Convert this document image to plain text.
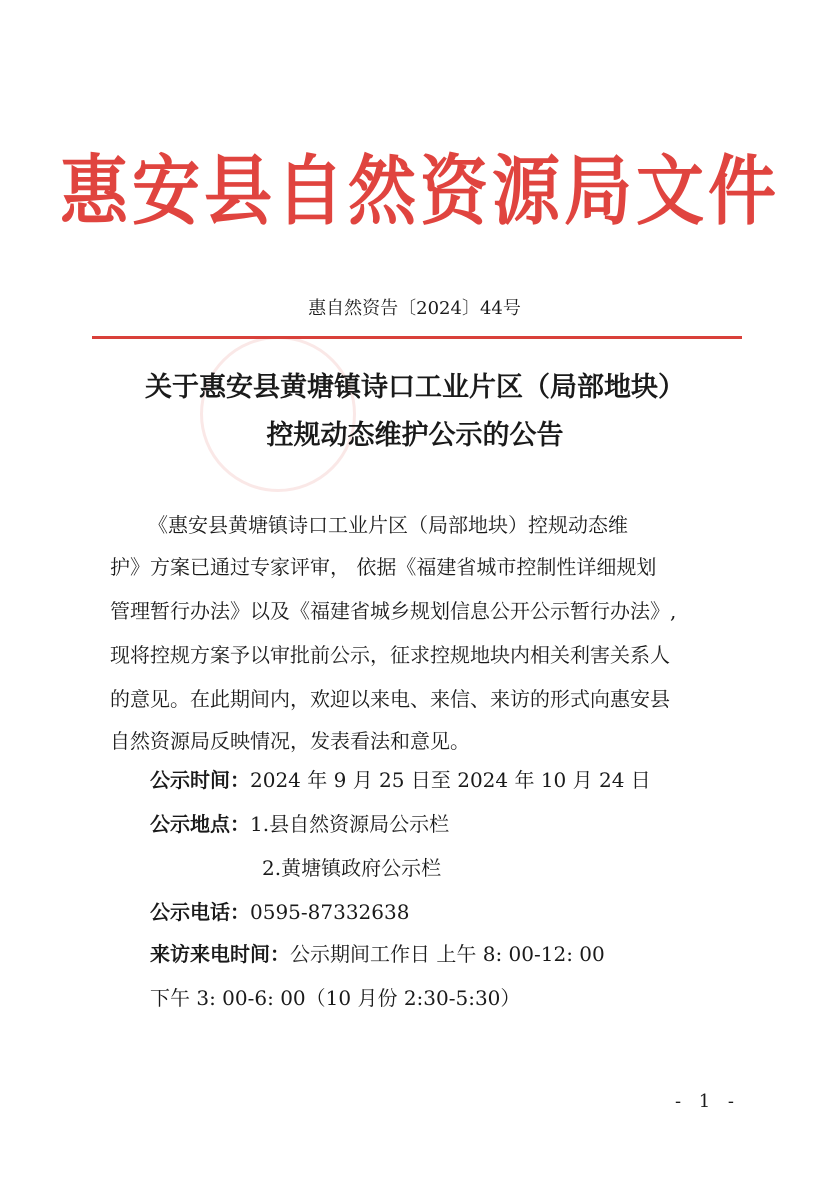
惠安县自然资源局文件
惠自然资告〔2024〕44号
关于惠安县黄塘镇诗口工业片区（局部地块）
控规动态维护公示的公告
《惠安县黄塘镇诗口工业片区（局部地块）控规动态维
护》方案已通过专家评审， 依据《福建省城市控制性详细规划
管理暂行办法》以及《福建省城乡规划信息公开公示暂行办法》,
现将控规方案予以审批前公示，征求控规地块内相关利害关系人
的意见。在此期间内，欢迎以来电、来信、来访的形式向惠安县
自然资源局反映情况，发表看法和意见。
公示时间：2024 年 9 月 25 日至 2024 年 10 月 24 日
公示地点：1.县自然资源局公示栏
2.黄塘镇政府公示栏
公示电话：0595-87332638
来访来电时间：公示期间工作日 上午 8: 00-12: 00
下午 3: 00-6: 00（10 月份 2:30-5:30）
- 1 -
